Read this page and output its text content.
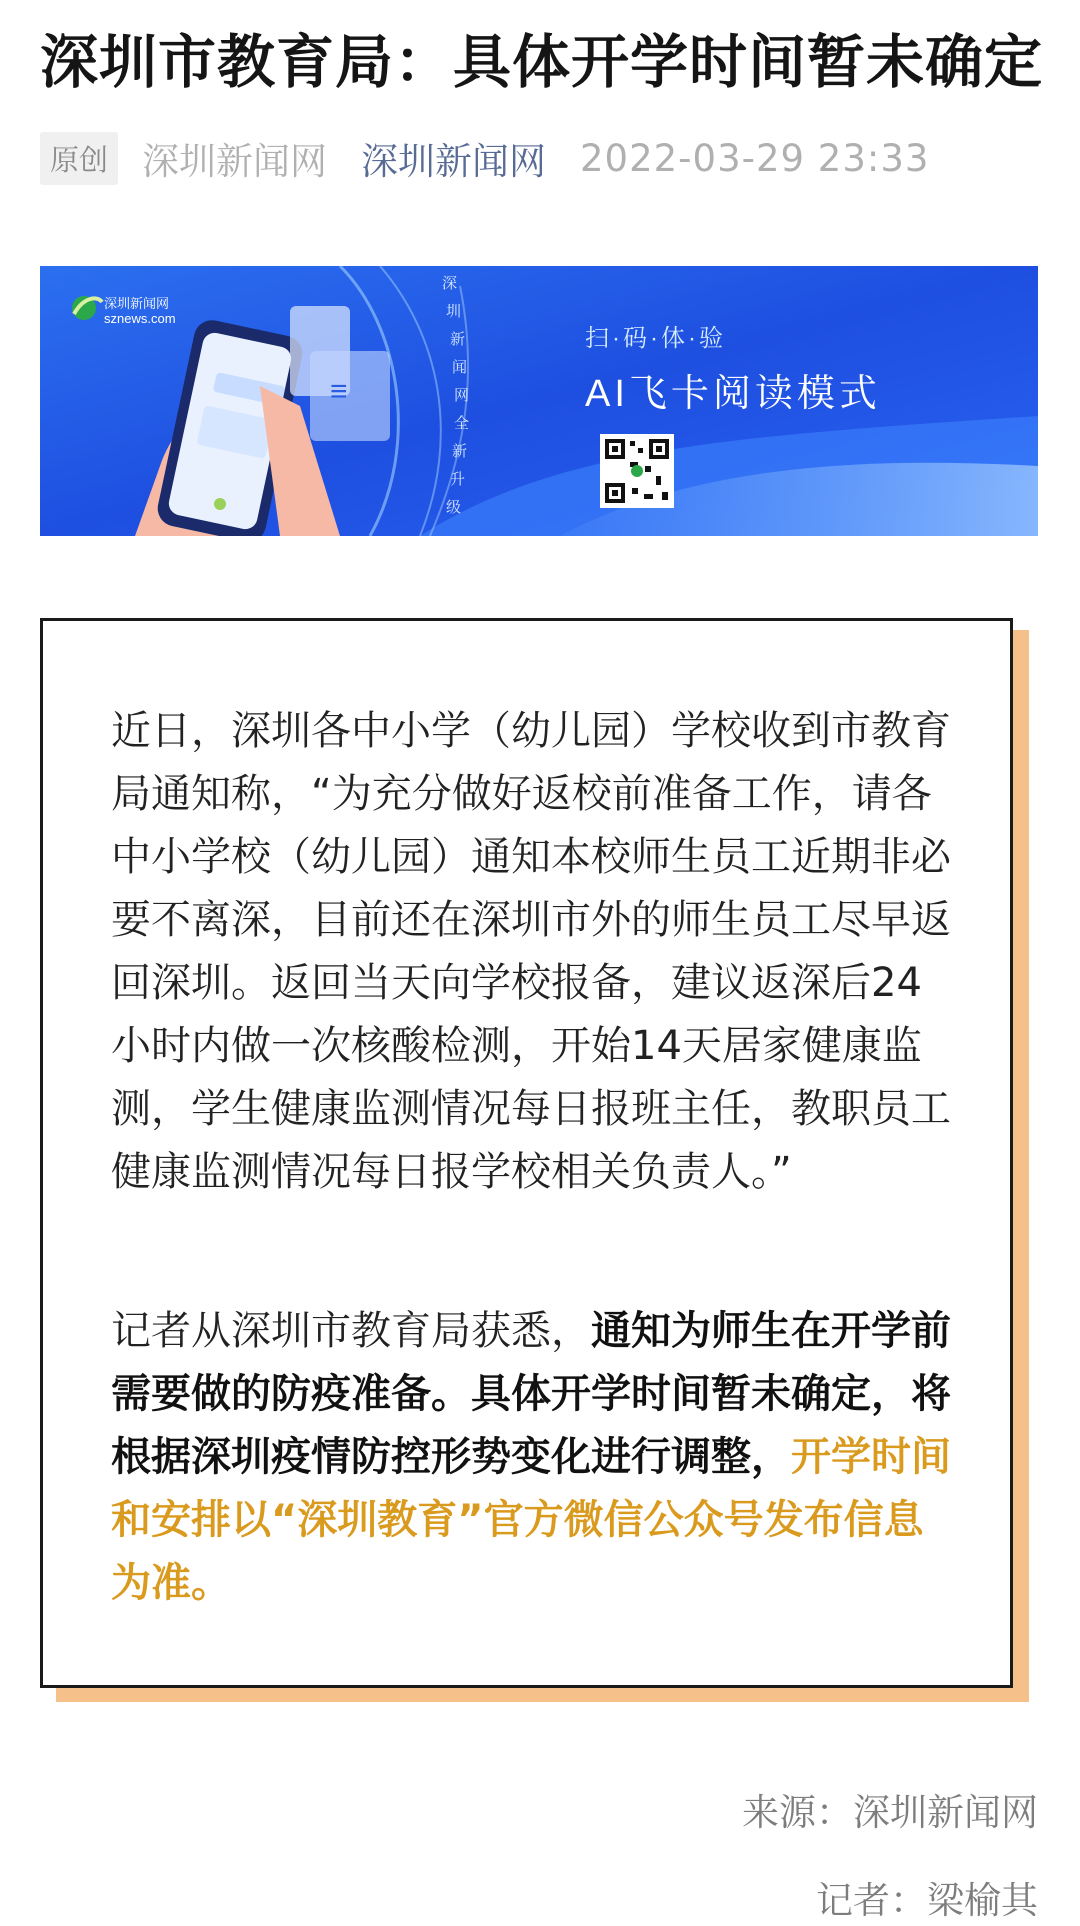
深圳市教育局：具体开学时间暂未确定
原创 深圳新闻网 深圳新闻网 2022-03-29 23:33
深圳新闻网
sznews.com
≡
深
圳
新
闻
网
全
新
升
级
扫·码·体·验
AI飞卡阅读模式

近日，深圳各中小学（幼儿园）学校收到市教育局通知称，“为充分做好返校前准备工作，请各中小学校（幼儿园）通知本校师生员工近期非必要不离深，目前还在深圳市外的师生员工尽早返回深圳。返回当天向学校报备，建议返深后24小时内做一次核酸检测，开始14天居家健康监测，学生健康监测情况每日报班主任，教职员工健康监测情况每日报学校相关负责人。”

记者从深圳市教育局获悉，通知为师生在开学前需要做的防疫准备。具体开学时间暂未确定，将根据深圳疫情防控形势变化进行调整，开学时间和安排以“深圳教育”官方微信公众号发布信息为准。

来源：深圳新闻网
记者：梁榆其
